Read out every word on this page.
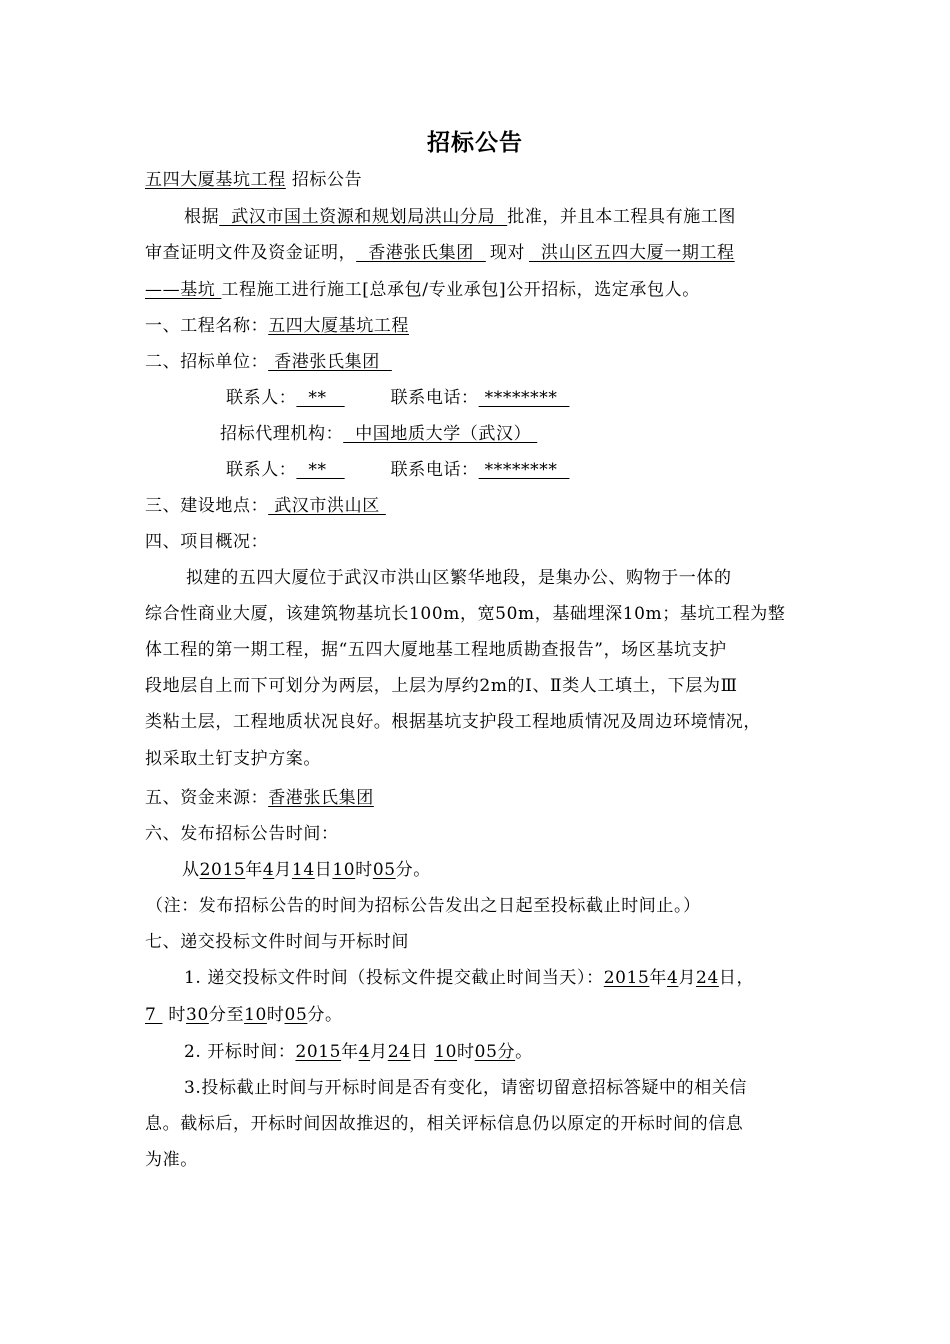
招标公告
五四大厦基坑工程 招标公告
根据  武汉市国土资源和规划局洪山分局  批准，并且本工程具有施工图
审查证明文件及资金证明，  香港张氏集团  现对  洪山区五四大厦一期工程
——基坑 工程施工进行施工[总承包/专业承包]公开招标，选定承包人。
一、工程名称：五四大厦基坑工程
二、招标单位： 香港张氏集团
联系人：  **	联系电话： ********
招标代理机构：  中国地质大学（武汉）
联系人：  **	联系电话： ********
三、建设地点： 武汉市洪山区
四、项目概况：
拟建的五四大厦位于武汉市洪山区繁华地段，是集办公、购物于一体的
综合性商业大厦，该建筑物基坑长100m，宽50m，基础埋深10m；基坑工程为整
体工程的第一期工程，据“五四大厦地基工程地质勘查报告”，场区基坑支护
段地层自上而下可划分为两层，上层为厚约2m的Ⅰ、Ⅱ类人工填土，下层为Ⅲ
类粘土层，工程地质状况良好。根据基坑支护段工程地质情况及周边环境情况，
拟采取土钉支护方案。
五、资金来源：香港张氏集团
六、发布招标公告时间：
从2015年4月14日10时05分。
（注：发布招标公告的时间为招标公告发出之日起至投标截止时间止。）
七、递交投标文件时间与开标时间
1. 递交投标文件时间（投标文件提交截止时间当天）：2015年4月24日，
7  时30分至10时05分。
2. 开标时间：2015年4月24日 10时05分。
3.投标截止时间与开标时间是否有变化，请密切留意招标答疑中的相关信
息。截标后，开标时间因故推迟的，相关评标信息仍以原定的开标时间的信息
为准。
